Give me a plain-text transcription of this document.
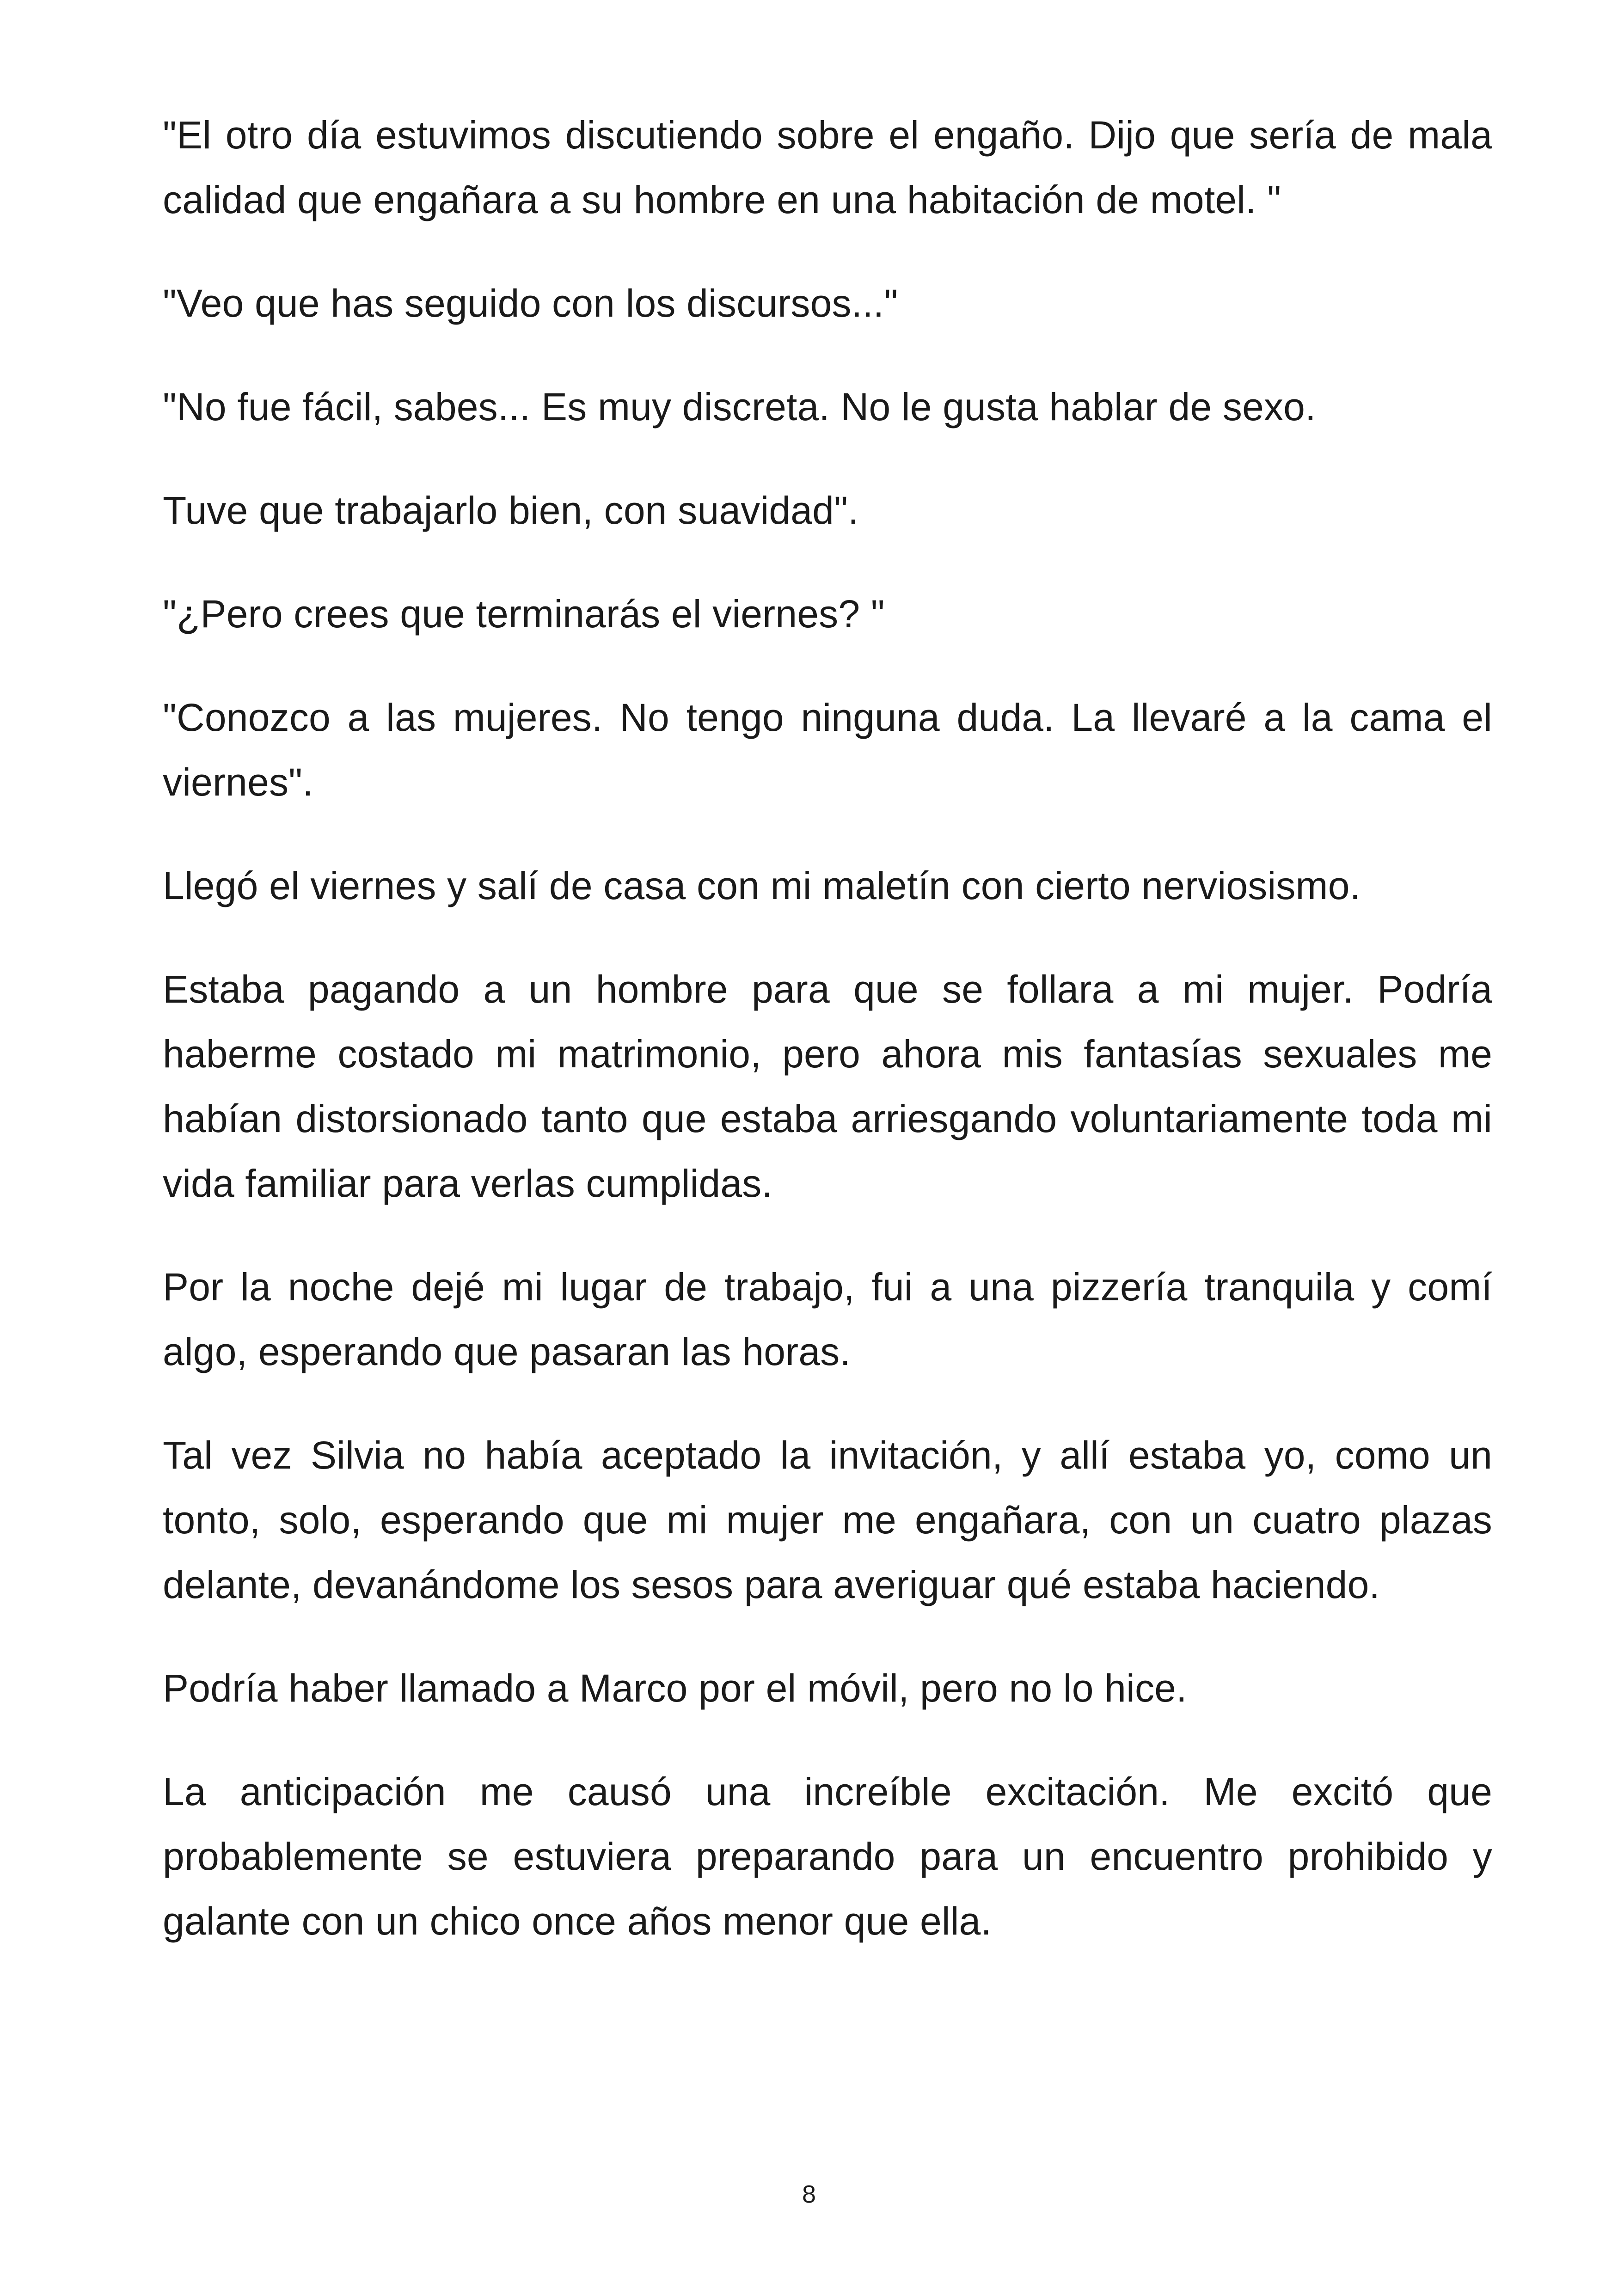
"El otro día estuvimos discutiendo sobre el engaño. Dijo que sería de mala calidad que engañara a su hombre en una habitación de motel. "

"Veo que has seguido con los discursos..."

"No fue fácil, sabes... Es muy discreta. No le gusta hablar de sexo.

Tuve que trabajarlo bien, con suavidad".

"¿Pero crees que terminarás el viernes? "

"Conozco a las mujeres. No tengo ninguna duda. La llevaré a la cama el viernes".

Llegó el viernes y salí de casa con mi maletín con cierto nerviosismo.

Estaba pagando a un hombre para que se follara a mi mujer. Podría haberme costado mi matrimonio, pero ahora mis fantasías sexuales me habían distorsionado tanto que estaba arriesgando voluntariamente toda mi vida familiar para verlas cumplidas.

Por la noche dejé mi lugar de trabajo, fui a una pizzería tranquila y comí algo, esperando que pasaran las horas.

Tal vez Silvia no había aceptado la invitación, y allí estaba yo, como un tonto, solo, esperando que mi mujer me engañara, con un cuatro plazas delante, devanándome los sesos para averiguar qué estaba haciendo.

Podría haber llamado a Marco por el móvil, pero no lo hice.

La anticipación me causó una increíble excitación. Me excitó que probablemente se estuviera preparando para un encuentro prohibido y galante con un chico once años menor que ella.

8
